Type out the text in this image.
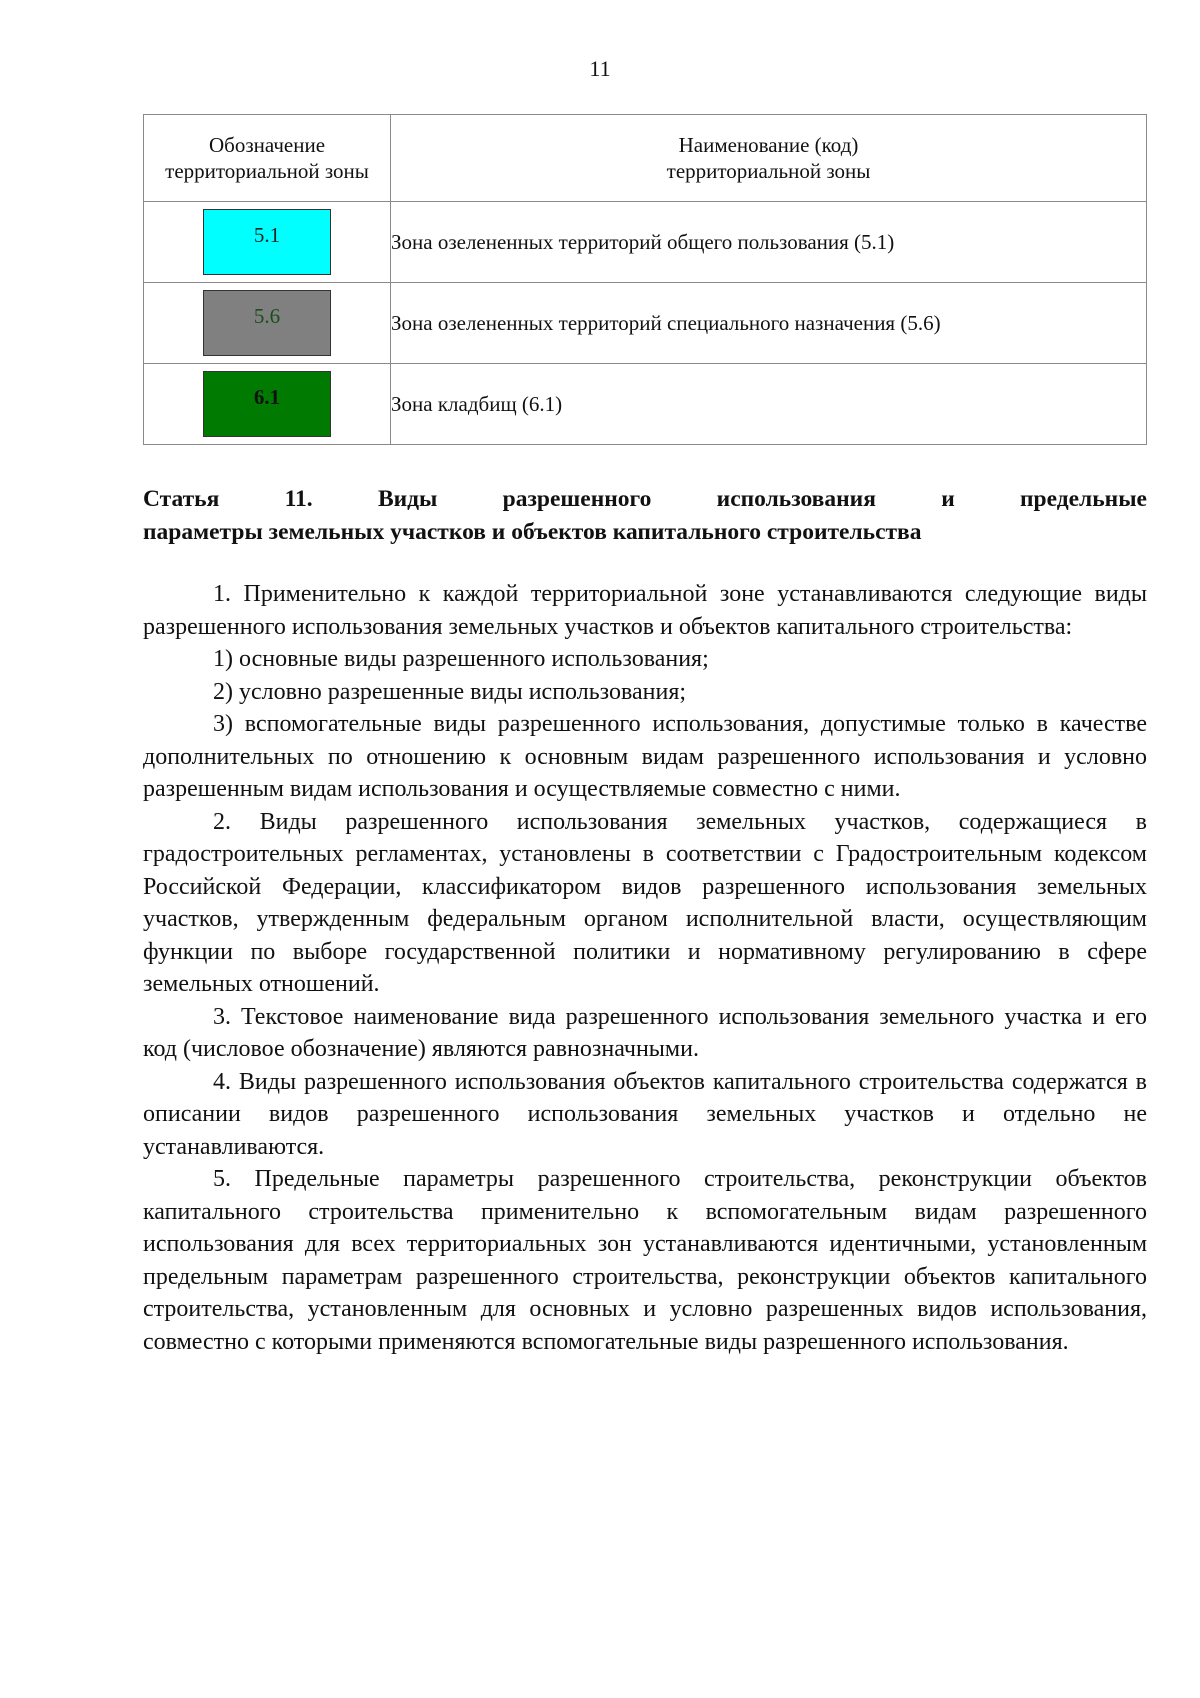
11
Обозначение территориальной зоны	Наименование (код)
территориальной зоны

5.1	Зона озелененных территорий общего пользования (5.1)
5.6	Зона озелененных территорий специального назначения (5.6)
6.1	Зона кладбищ (6.1)
Статья 11. Виды разрешенного использования и предельные
параметры земельных участков и объектов капитального строительства

1. Применительно к каждой территориальной зоне устанавливаются следующие виды разрешенного использования земельных участков и объектов капитального строительства:

1) основные виды разрешенного использования;

2) условно разрешенные виды использования;

3) вспомогательные виды разрешенного использования, допустимые только в качестве дополнительных по отношению к основным видам разрешенного использования и условно разрешенным видам использования и осуществляемые совместно с ними.

2. Виды разрешенного использования земельных участков, содержащиеся в градостроительных регламентах, установлены в соответствии с Градостроительным кодексом Российской Федерации, классификатором видов разрешенного использования земельных участков, утвержденным федеральным органом исполнительной власти, осуществляющим функции по выборе государственной политики и нормативному регулированию в сфере земельных отношений.

3. Текстовое наименование вида разрешенного использования земельного участка и его код (числовое обозначение) являются равнозначными.

4. Виды разрешенного использования объектов капитального строительства содержатся в описании видов разрешенного использования земельных участков и отдельно не устанавливаются.

5. Предельные параметры разрешенного строительства, реконструкции объектов капитального строительства применительно к вспомогательным видам разрешенного использования для всех территориальных зон устанавливаются идентичными, установленным предельным параметрам разрешенного строительства, реконструкции объектов капитального строительства, установленным для основных и условно разрешенных видов использования, совместно с которыми применяются вспомогательные виды разрешенного использования.
